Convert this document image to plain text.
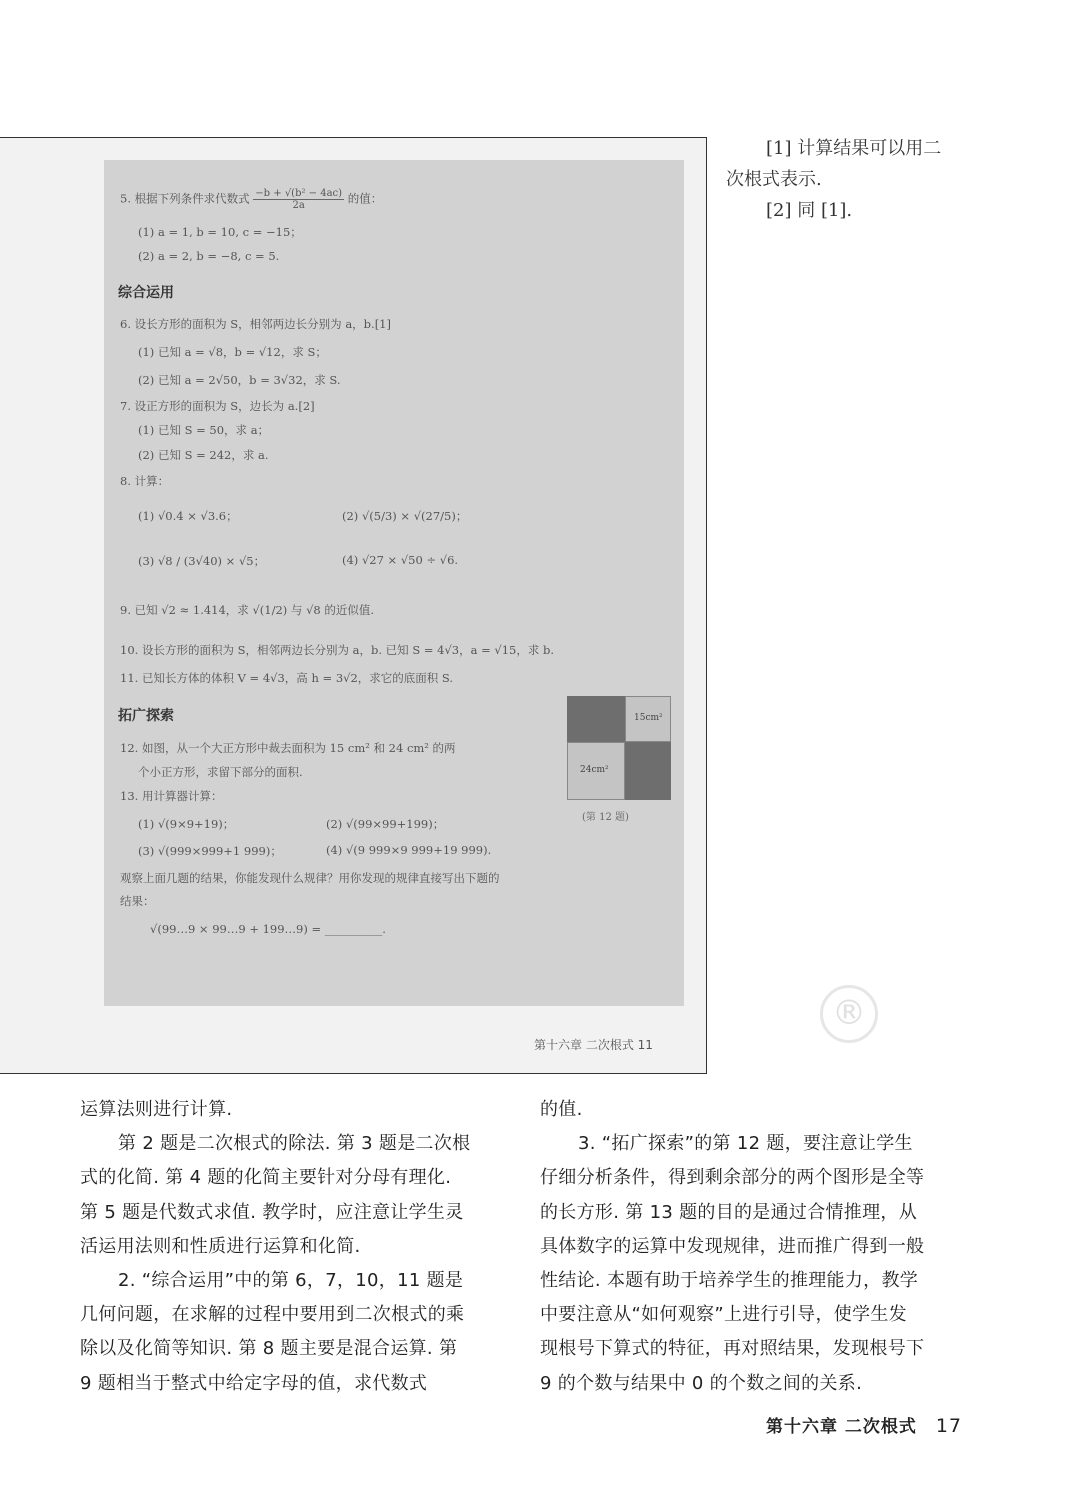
5. 根据下列条件求代数式 $\frac{\text{−b + √(b² − 4ac)}}{2a}$ 的值：
(1) a = 1, b = 10, c = −15；
(2) a = 2, b = −8, c = 5.
综合运用
6. 设长方形的面积为 S，相邻两边长分别为 a，b.[1]
(1) 已知 a = √8，b = √12，求 S；
(2) 已知 a = 2√50，b = 3√32，求 S.
7. 设正方形的面积为 S，边长为 a.[2]
(1) 已知 S = 50，求 a；
(2) 已知 S = 242，求 a.
8. 计算：
(1) √0.4 × √3.6；	(2) √(5/3) × √(27/5)；
(3) √8 / (3√40) × √5；	(4) √27 × √50 ÷ √6.
9. 已知 √2 ≈ 1.414，求 √(1/2) 与 √8 的近似值.
10. 设长方形的面积为 S，相邻两边长分别为 a，b. 已知 S = 4√3，a = √15，求 b.
11. 已知长方体的体积 V = 4√3，高 h = 3√2，求它的底面积 S.
拓广探索
12. 如图，从一个大正方形中裁去面积为 15 cm² 和 24 cm² 的两
个小正方形，求留下部分的面积.
13. 用计算器计算：
(1) √(9×9+19)；	(2) √(99×99+199)；
(3) √(999×999+1 999)；	(4) √(9 999×9 999+19 999).
观察上面几题的结果，你能发现什么规律？用你发现的规律直接写出下题的
结果：
√(99…9 × 99…9 + 199…9) = __________.
15cm²
24cm²
(第 12 题)
第十六章 二次根式 11
[1] 计算结果可以用二
次根式表示.
[2] 同 [1].
®
运算法则进行计算.
第 2 题是二次根式的除法. 第 3 题是二次根
式的化简. 第 4 题的化简主要针对分母有理化.
第 5 题是代数式求值. 教学时，应注意让学生灵
活运用法则和性质进行运算和化简.
2. “综合运用”中的第 6，7，10，11 题是
几何问题，在求解的过程中要用到二次根式的乘
除以及化简等知识. 第 8 题主要是混合运算. 第
9 题相当于整式中给定字母的值，求代数式
的值.
3. “拓广探索”的第 12 题，要注意让学生
仔细分析条件，得到剩余部分的两个图形是全等
的长方形. 第 13 题的目的是通过合情推理，从
具体数字的运算中发现规律，进而推广得到一般
性结论. 本题有助于培养学生的推理能力，教学
中要注意从“如何观察”上进行引导，使学生发
现根号下算式的特征，再对照结果，发现根号下
9 的个数与结果中 0 的个数之间的关系.
第十六章 二次根式 17
